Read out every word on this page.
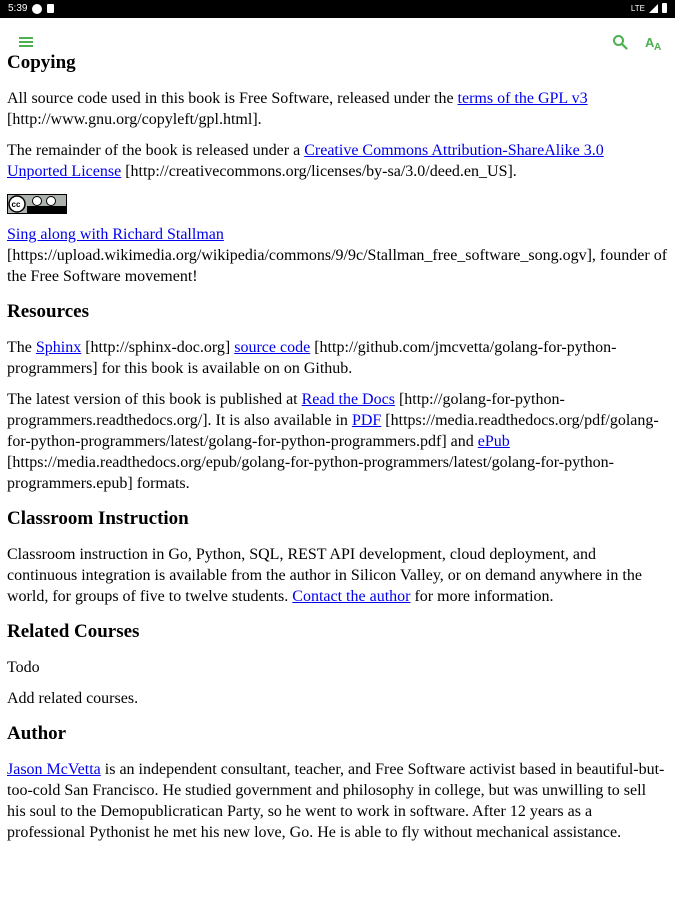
5:39	LTE
A A
Copying

All source code used in this book is Free Software, released under the terms of the GPL v3 [http://www.gnu.org/copyleft/gpl.html].

The remainder of the book is released under a Creative Commons Attribution-ShareAlike 3.0 Unported License [http://creativecommons.org/licenses/by-sa/3.0/deed.en_US].

cc

Sing along with Richard Stallman [https://upload.wikimedia.org/wikipedia/commons/9/9c/Stallman_free_software_song.ogv], founder of the Free Software movement!

Resources

The Sphinx [http://sphinx-doc.org] source code [http://github.com/jmcvetta/golang-for-python-programmers] for this book is available on on Github.

The latest version of this book is published at Read the Docs [http://golang-for-python-programmers.readthedocs.org/]. It is also available in PDF [https://media.readthedocs.org/pdf/golang-for-python-programmers/latest/golang-for-python-programmers.pdf] and ePub [https://media.readthedocs.org/epub/golang-for-python-programmers/latest/golang-for-python-programmers.epub] formats.

Classroom Instruction

Classroom instruction in Go, Python, SQL, REST API development, cloud deployment, and continuous integration is available from the author in Silicon Valley, or on demand anywhere in the world, for groups of five to twelve students. Contact the author for more information.

Related Courses

Todo

Add related courses.

Author

Jason McVetta is an independent consultant, teacher, and Free Software activist based in beautiful-but-too-cold San Francisco. He studied government and philosophy in college, but was unwilling to sell his soul to the Demopublicratican Party, so he went to work in software. After 12 years as a professional Pythonist he met his new love, Go. He is able to fly without mechanical assistance.
